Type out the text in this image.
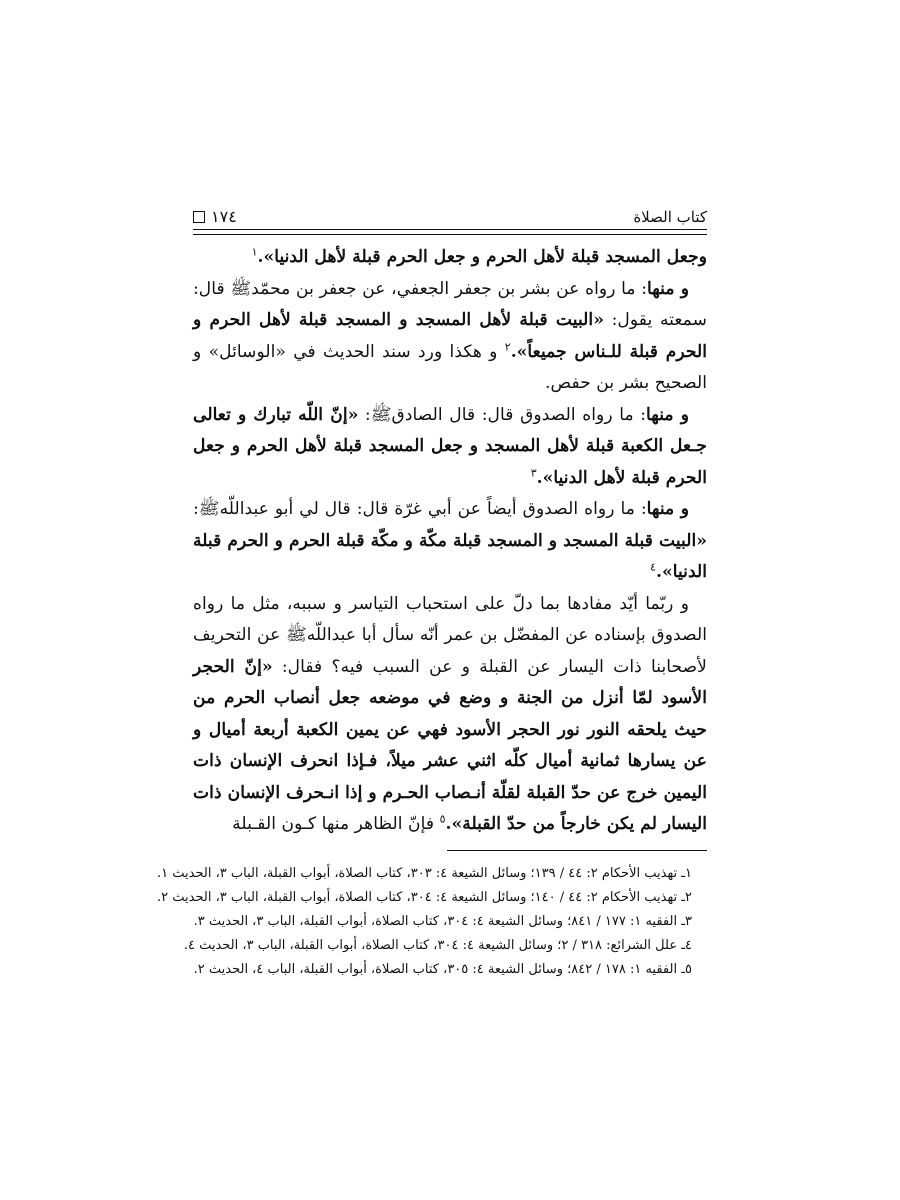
١٧٤	كتاب الصلاة

وجعل المسجد قبلة لأهل الحرم و جعل الحرم قبلة لأهل الدنيا».$^١$

و منها: ما رواه عن بشر بن جعفر الجعفي، عن جعفر بن محمّدﷺ قال: سمعته يقول: «البيت قبلة لأهل المسجد و المسجد قبلة لأهل الحرم و الحرم قبلة للـناس جميعاً».$^٢$ و هكذا ورد سند الحديث في «الوسائل» و الصحيح بشر بن حفص.

و منها: ما رواه الصدوق قال: قال الصادقﷺ: «إنّ اللّه تبارك و تعالى جـعل الكعبة قبلة لأهل المسجد و جعل المسجد قبلة لأهل الحرم و جعل الحرم قبلة لأهل الدنيا».$^٣$

و منها: ما رواه الصدوق أيضاً عن أبي غرّة قال: قال لي أبو عبداللّهﷺ: «البيت قبلة المسجد و المسجد قبلة مكّة و مكّة قبلة الحرم و الحرم قبلة الدنيا».$^٤$

و ربّما أيّد مفادها بما دلّ على استحباب التياسر و سببه، مثل ما رواه الصدوق بإسناده عن المفضّل بن عمر أنّه سأل أبا عبداللّهﷺ عن التحريف لأصحابنا ذات اليسار عن القبلة و عن السبب فيه؟ فقال: «إنّ الحجر الأسود لمّا أنزل من الجنة و وضع في موضعه جعل أنصاب الحرم من حيث يلحقه النور نور الحجر الأسود فهي عن يمين الكعبة أربعة أميال و عن يسارها ثمانية أميال كلّه اثني عشر ميلاً، فـإذا انحرف الإنسان ذات اليمين خرج عن حدّ القبلة لقلّة أنـصاب الحـرم و إذا انـحرف الإنسان ذات اليسار لم يكن خارجاً من حدّ القبلة».$^٥$ فإنّ الظاهر منها كـون القـبلة

١ـ تهذيب الأحكام ٢: ٤٤ / ١٣٩؛ وسائل الشيعة ٤: ٣٠٣، كتاب الصلاة، أبواب القبلة، الباب ٣، الحديث ١.
٢ـ تهذيب الأحكام ٢: ٤٤ / ١٤٠؛ وسائل الشيعة ٤: ٣٠٤، كتاب الصلاة، أبواب القبلة، الباب ٣، الحديث ٢.
٣ـ الفقيه ١: ١٧٧ / ٨٤١؛ وسائل الشيعة ٤: ٣٠٤، كتاب الصلاة، أبواب القبلة، الباب ٣، الحديث ٣.
٤ـ علل الشرائع: ٣١٨ / ٢؛ وسائل الشيعة ٤: ٣٠٤، كتاب الصلاة، أبواب القبلة، الباب ٣، الحديث ٤.
٥ـ الفقيه ١: ١٧٨ / ٨٤٢؛ وسائل الشيعة ٤: ٣٠٥، كتاب الصلاة، أبواب القبلة، الباب ٤، الحديث ٢.
